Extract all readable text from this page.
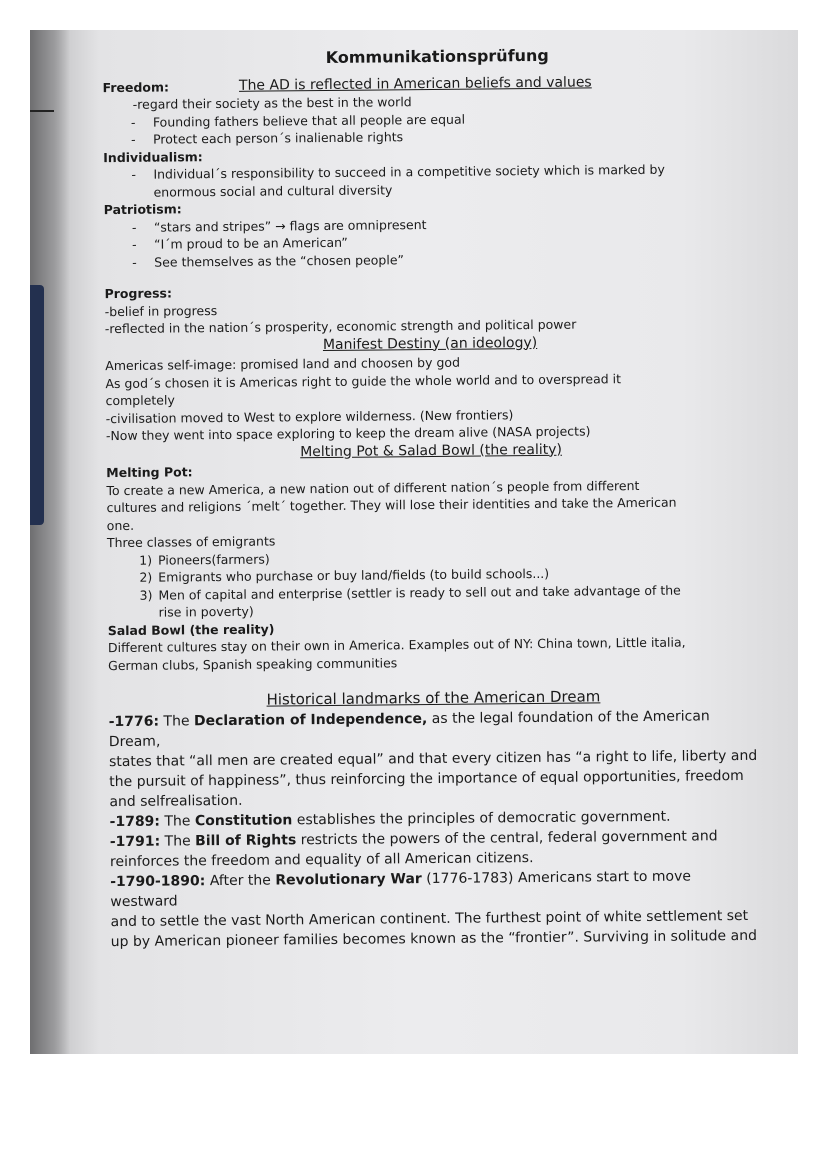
Kommunikationsprüfung
Freedom:	The AD is reflected in American beliefs and values
-regard their society as the best in the world
-	Founding fathers believe that all people are equal
-	Protect each person´s inalienable rights
Individualism:
-	Individual´s responsibility to succeed in a competitive society which is marked by
enormous social and cultural diversity
Patriotism:
-	“stars and stripes” → flags are omnipresent
-	“I´m proud to be an American”
-	See themselves as the “chosen people”
Progress:
-belief in progress
-reflected in the nation´s prosperity, economic strength and political power
Manifest Destiny (an ideology)
Americas self-image: promised land and choosen by god
As god´s chosen it is Americas right to guide the whole world and to overspread it
completely
-civilisation moved to West to explore wilderness. (New frontiers)
-Now they went into space exploring to keep the dream alive (NASA projects)
Melting Pot & Salad Bowl (the reality)
Melting Pot:
To create a new America, a new nation out of different nation´s people from different
cultures and religions ´melt´ together. They will lose their identities and take the American
one.
Three classes of emigrants
1) Pioneers(farmers)
2) Emigrants who purchase or buy land/fields (to build schools...)
3) Men of capital and enterprise (settler is ready to sell out and take advantage of the
rise in poverty)
Salad Bowl (the reality)
Different cultures stay on their own in America. Examples out of NY: China town, Little italia,
German clubs, Spanish speaking communities
Historical landmarks of the American Dream
-1776: The Declaration of Independence, as the legal foundation of the American Dream,
states that “all men are created equal” and that every citizen has “a right to life, liberty and
the pursuit of happiness”, thus reinforcing the importance of equal opportunities, freedom
and selfrealisation.
-1789: The Constitution establishes the principles of democratic government.
-1791: The Bill of Rights restricts the powers of the central, federal government and
reinforces the freedom and equality of all American citizens.
-1790-1890: After the Revolutionary War (1776-1783) Americans start to move westward
and to settle the vast North American continent. The furthest point of white settlement set
up by American pioneer families becomes known as the “frontier”. Surviving in solitude and
